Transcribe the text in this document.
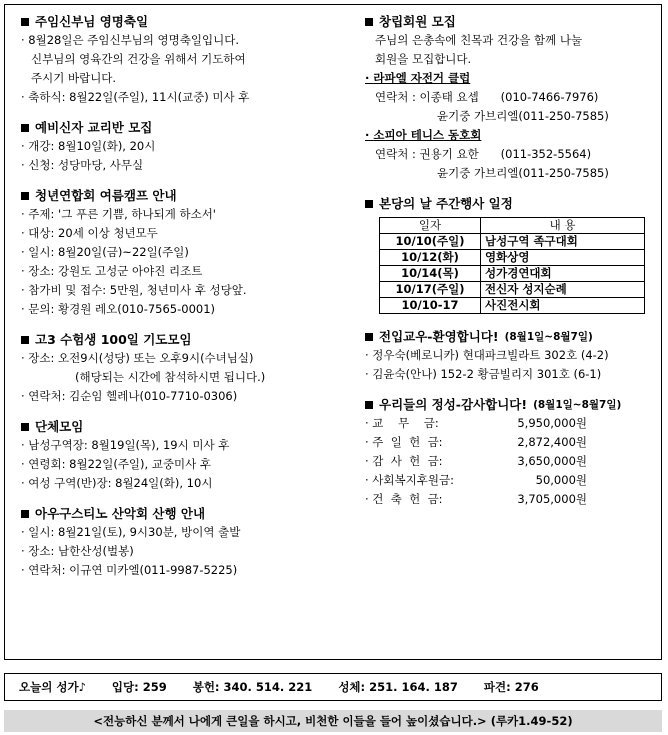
주임신부님 영명축일
· 8월28일은 주임신부님의 영명축일입니다.
신부님의 영육간의 건강을 위해서 기도하여
주시기 바랍니다.
· 축하식: 8월22일(주일), 11시(교중) 미사 후
예비신자 교리반 모집
· 개강: 8월10일(화), 20시
· 신청: 성당마당, 사무실
청년연합회 여름캠프 안내
· 주제: '그 푸른 기쁨, 하나되게 하소서'
· 대상: 20세 이상 청년모두
· 일시: 8월20일(금)~22일(주일)
· 장소: 강원도 고성군 아야진 리조트
· 참가비 및 접수: 5만원, 청년미사 후 성당앞.
· 문의: 황경원 레오(010-7565-0001)
고3 수험생 100일 기도모임
· 장소: 오전9시(성당) 또는 오후9시(수녀님실)
(해당되는 시간에 참석하시면 됩니다.)
· 연락처: 김순임 헬레나(010-7710-0306)
단체모임
· 남성구역장: 8월19일(목), 19시 미사 후
· 연령회: 8월22일(주일), 교중미사 후
· 여성 구역(반)장: 8월24일(화), 10시
아우구스티노 산악회 산행 안내
· 일시: 8월21일(토), 9시30분, 방이역 출발
· 장소: 남한산성(벌봉)
· 연락처: 이규연 미카엘(011-9987-5225)
창립회원 모집
주님의 은총속에 친목과 건강을 함께 나눌
회원을 모집합니다.
· 라파엘 자전거 클럽
연락처 : 이종태 요셉      (010-7466-7976)
윤기중 가브리엘(011-250-7585)
· 소피아 테니스 동호회
연락처 : 권용기 요한      (011-352-5564)
윤기중 가브리엘(011-250-7585)
본당의 날 주간행사 일정
일자	내 용
10/10(주일)	남성구역 족구대회
10/12(화)	영화상영
10/14(목)	성가경연대회
10/17(주일)	전신자 성지순례
10/10-17	사진전시회
전입교우-환영합니다! (8월1일~8월7일)
· 정우숙(베로니카) 현대파크빌라트 302호 (4-2)
· 김윤숙(안나) 152-2 황금빌리지 301호 (6-1)
우리들의 정성-감사합니다! (8월1일~8월7일)
· 교    무    금:	5,950,000원
· 주  일  헌  금:	2,872,400원
· 감  사  헌  금:	3,650,000원
· 사회복지후원금:	50,000원
· 건  축  헌  금:	3,705,000원
오늘의 성가♪ 입당: 259 봉헌: 340. 514. 221 성체: 251. 164. 187 파견: 276
<전능하신 분께서 나에게 큰일을 하시고, 비천한 이들을 들어 높이셨습니다.> (루카1.49-52)
